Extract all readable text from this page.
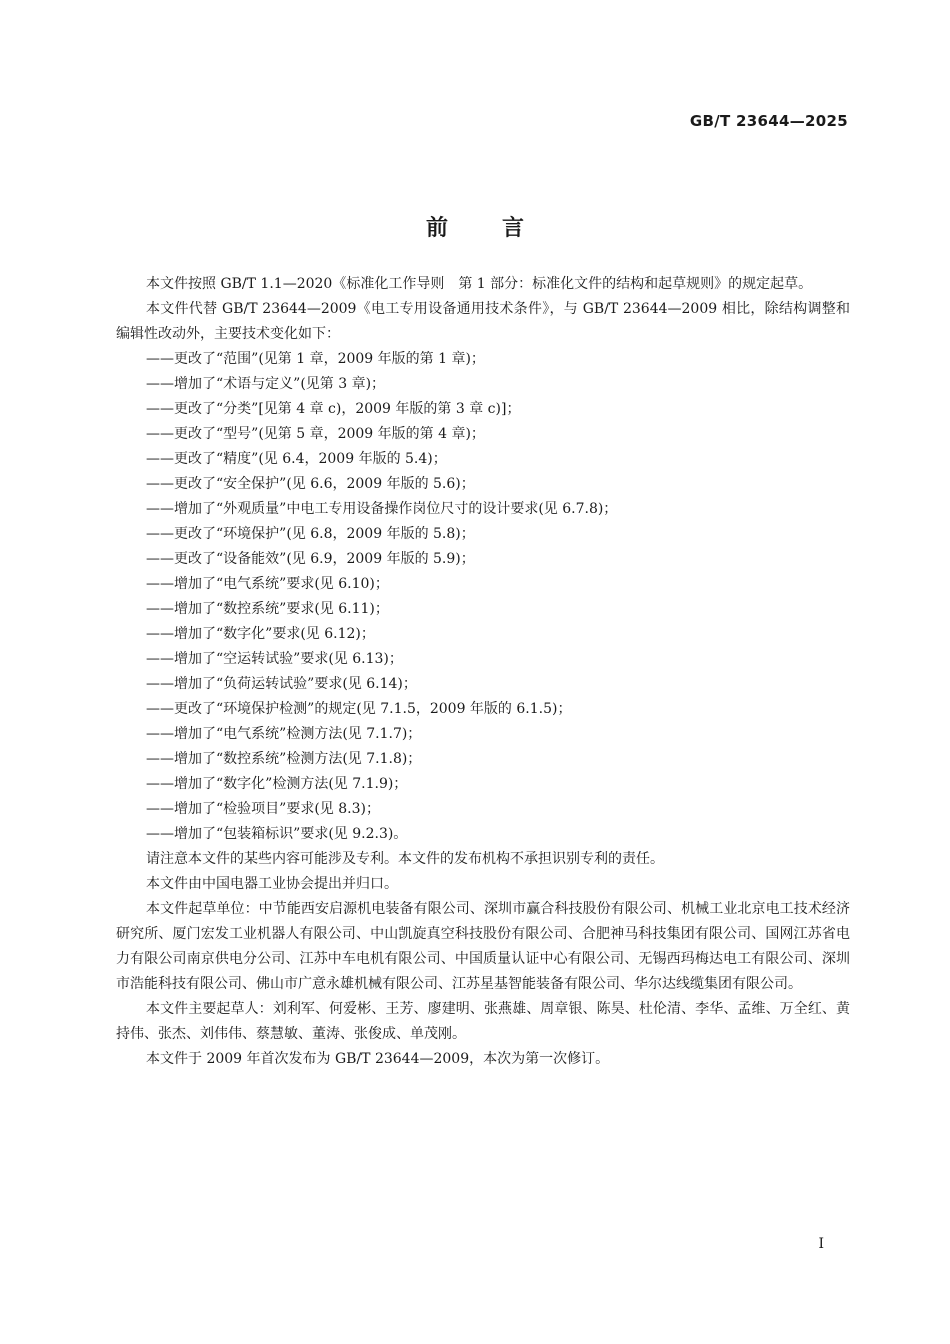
GB/T 23644—2025
前言

本文件按照 GB/T 1.1—2020《标准化工作导则　第 1 部分：标准化文件的结构和起草规则》的规定起草。

本文件代替 GB/T 23644—2009《电工专用设备通用技术条件》，与 GB/T 23644—2009 相比，除结构调整和编辑性改动外，主要技术变化如下：

——更改了“范围”(见第 1 章，2009 年版的第 1 章)；

——增加了“术语与定义”(见第 3 章)；

——更改了“分类”[见第 4 章 c)，2009 年版的第 3 章 c)]；

——更改了“型号”(见第 5 章，2009 年版的第 4 章)；

——更改了“精度”(见 6.4，2009 年版的 5.4)；

——更改了“安全保护”(见 6.6，2009 年版的 5.6)；

——增加了“外观质量”中电工专用设备操作岗位尺寸的设计要求(见 6.7.8)；

——更改了“环境保护”(见 6.8，2009 年版的 5.8)；

——更改了“设备能效”(见 6.9，2009 年版的 5.9)；

——增加了“电气系统”要求(见 6.10)；

——增加了“数控系统”要求(见 6.11)；

——增加了“数字化”要求(见 6.12)；

——增加了“空运转试验”要求(见 6.13)；

——增加了“负荷运转试验”要求(见 6.14)；

——更改了“环境保护检测”的规定(见 7.1.5，2009 年版的 6.1.5)；

——增加了“电气系统”检测方法(见 7.1.7)；

——增加了“数控系统”检测方法(见 7.1.8)；

——增加了“数字化”检测方法(见 7.1.9)；

——增加了“检验项目”要求(见 8.3)；

——增加了“包装箱标识”要求(见 9.2.3)。

请注意本文件的某些内容可能涉及专利。本文件的发布机构不承担识别专利的责任。

本文件由中国电器工业协会提出并归口。

本文件起草单位：中节能西安启源机电装备有限公司、深圳市赢合科技股份有限公司、机械工业北京电工技术经济研究所、厦门宏发工业机器人有限公司、中山凯旋真空科技股份有限公司、合肥神马科技集团有限公司、国网江苏省电力有限公司南京供电分公司、江苏中车电机有限公司、中国质量认证中心有限公司、无锡西玛梅达电工有限公司、深圳市浩能科技有限公司、佛山市广意永雄机械有限公司、江苏星基智能装备有限公司、华尔达线缆集团有限公司。

本文件主要起草人：刘利军、何爱彬、王芳、廖建明、张燕雄、周章银、陈昊、杜伦清、李华、孟维、万全红、黄持伟、张杰、刘伟伟、蔡慧敏、董涛、张俊成、单茂刚。

本文件于 2009 年首次发布为 GB/T 23644—2009，本次为第一次修订。

I
